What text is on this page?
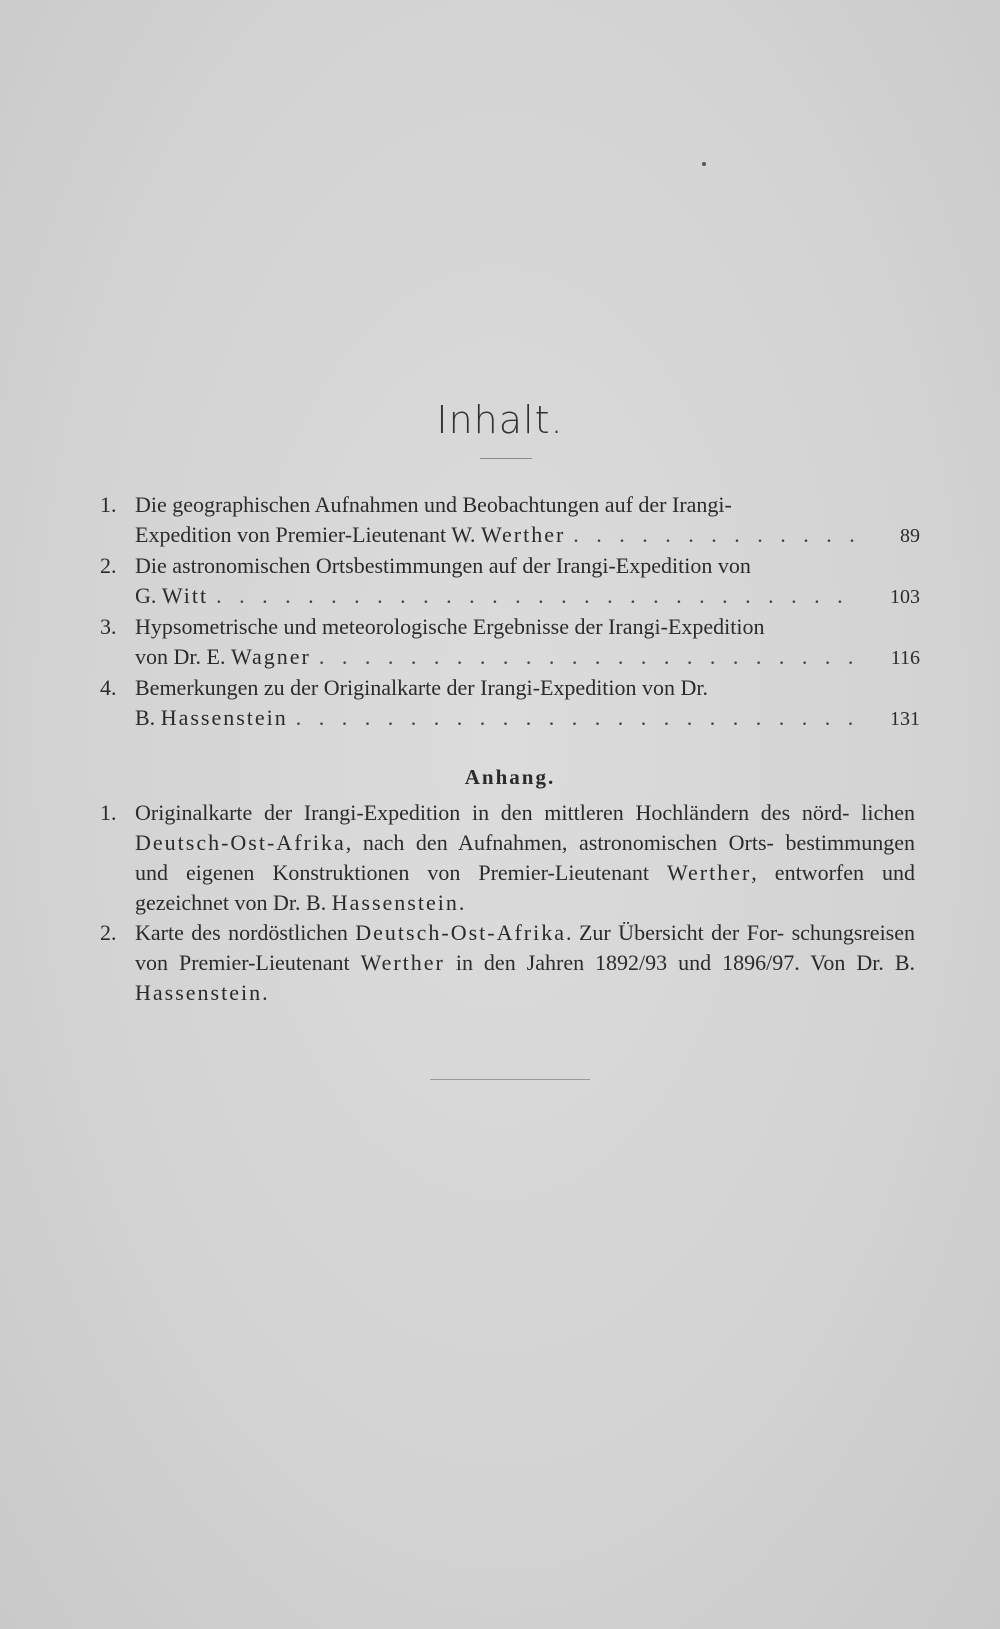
Inhalt.
1. Die geographischen Aufnahmen und Beobachtungen auf der Irangi-
Expedition von Premier-Lieutenant W. Werther . . .	89
2. Die astronomischen Ortsbestimmungen auf der Irangi-Expedition von
G. Witt . . .	103
3. Hypsometrische und meteorologische Ergebnisse der Irangi-Expedition
von Dr. E. Wagner . . .	116
4. Bemerkungen zu der Originalkarte der Irangi-Expedition von Dr.
B. Hassenstein . . .	131
Anhang.
1. Originalkarte der Irangi-Expedition in den mittleren Hochländern des nörd- lichen Deutsch-Ost-Afrika, nach den Aufnahmen, astronomischen Orts- bestimmungen und eigenen Konstruktionen von Premier-Lieutenant Werther, entworfen und gezeichnet von Dr. B. Hassenstein.
2. Karte des nordöstlichen Deutsch-Ost-Afrika. Zur Übersicht der For- schungsreisen von Premier-Lieutenant Werther in den Jahren 1892/93 und 1896/97. Von Dr. B. Hassenstein.
